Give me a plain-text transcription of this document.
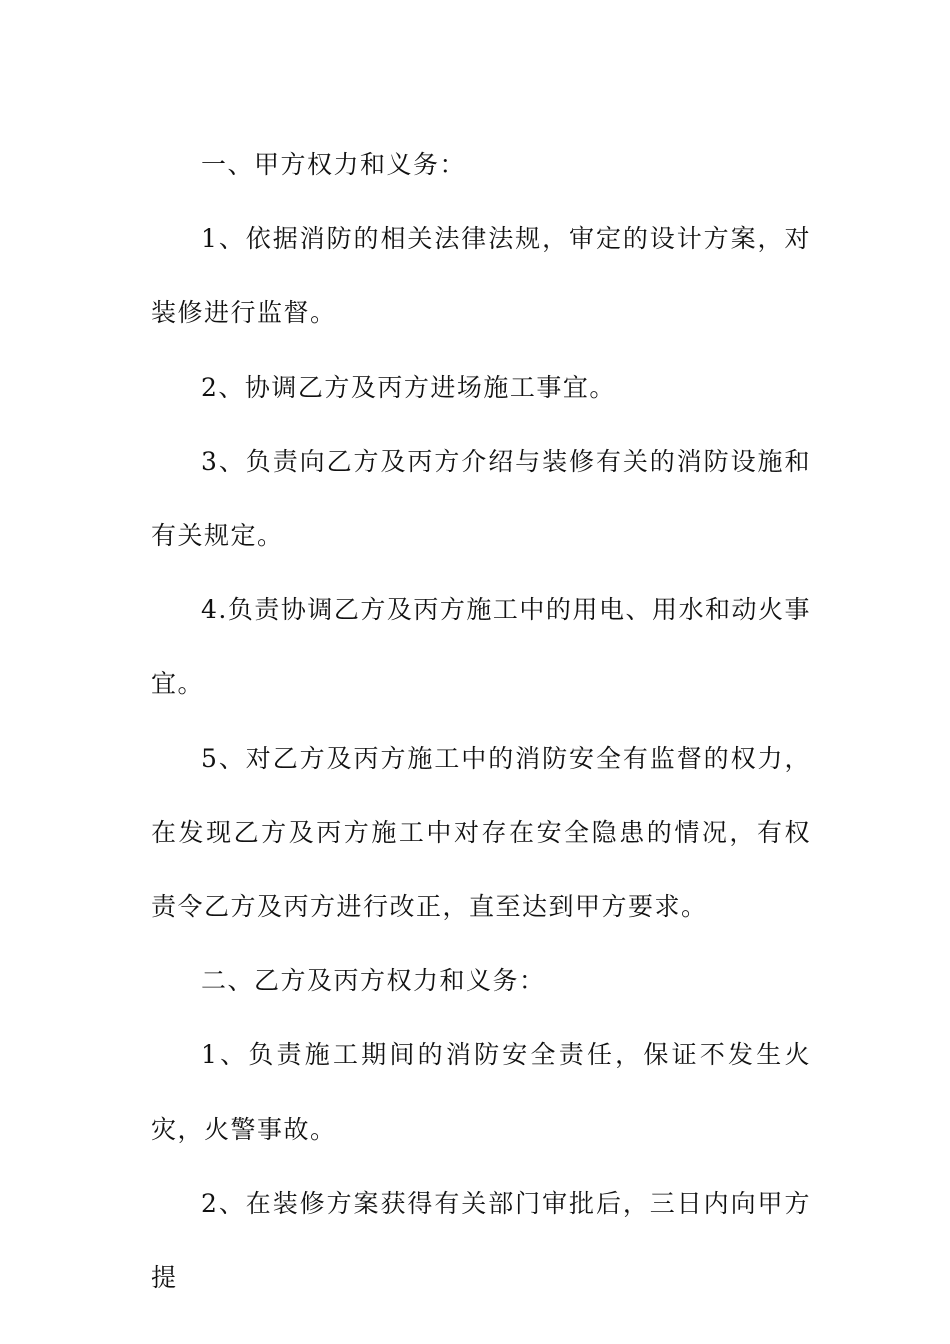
一、甲方权力和义务：

1、依据消防的相关法律法规，审定的设计方案，对装修进行监督。

2、协调乙方及丙方进场施工事宜。

3、负责向乙方及丙方介绍与装修有关的消防设施和有关规定。

4.负责协调乙方及丙方施工中的用电、用水和动火事宜。

5、对乙方及丙方施工中的消防安全有监督的权力，在发现乙方及丙方施工中对存在安全隐患的情况，有权责令乙方及丙方进行改正，直至达到甲方要求。

二、乙方及丙方权力和义务：

1、负责施工期间的消防安全责任，保证不发生火灾，火警事故。

2、在装修方案获得有关部门审批后，三日内向甲方提
